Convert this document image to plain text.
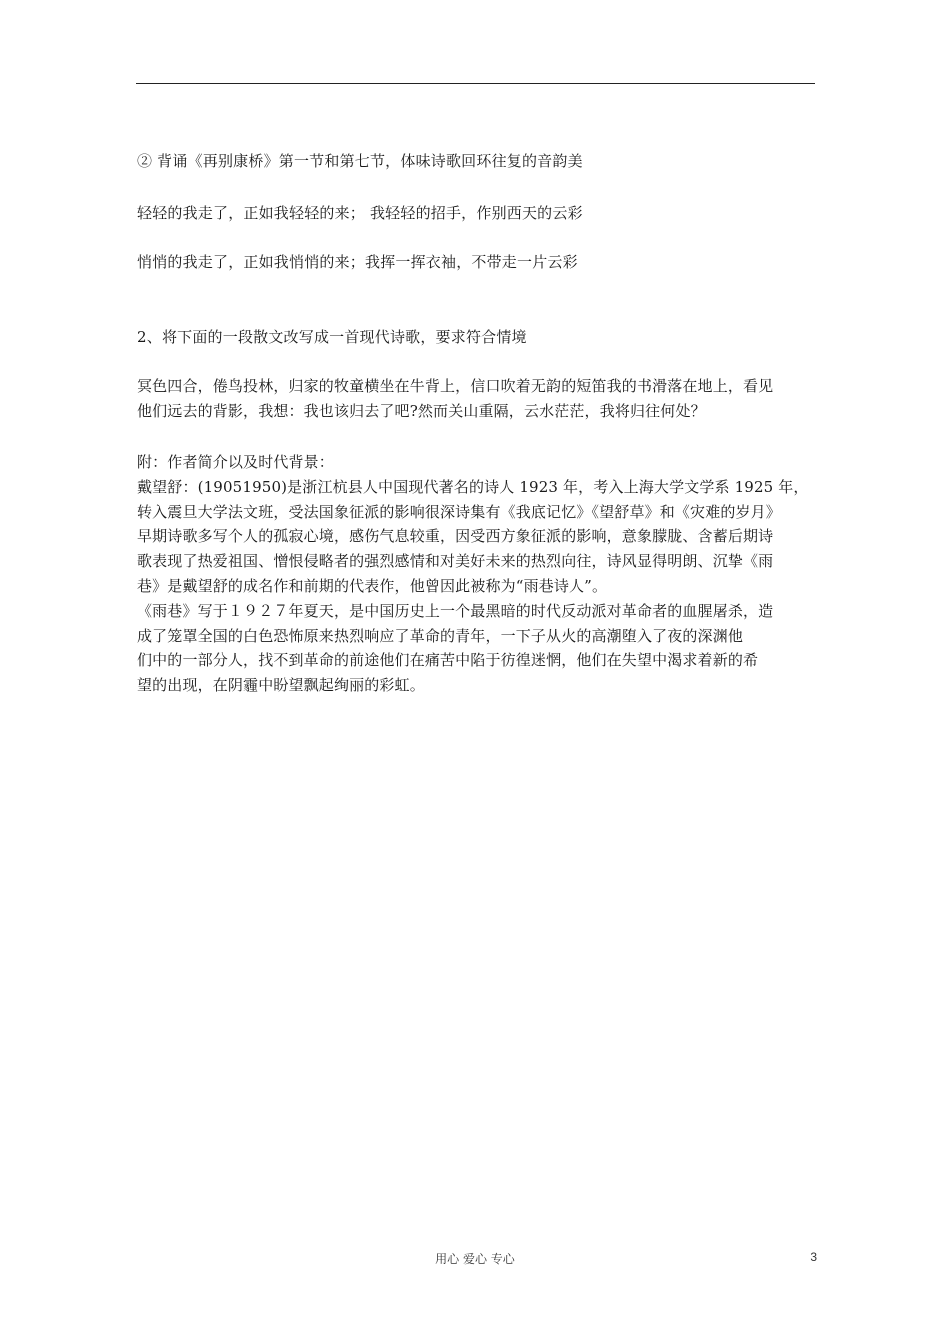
② 背诵《再别康桥》第一节和第七节，体味诗歌回环往复的音韵美
轻轻的我走了，正如我轻轻的来； 我轻轻的招手，作别西天的云彩
悄悄的我走了，正如我悄悄的来；我挥一挥衣袖，不带走一片云彩
2、将下面的一段散文改写成一首现代诗歌，要求符合情境
冥色四合，倦鸟投林，归家的牧童横坐在牛背上，信口吹着无韵的短笛我的书滑落在地上，看见
他们远去的背影，我想：我也该归去了吧?然而关山重隔，云水茫茫，我将归往何处？
附：作者简介以及时代背景：
戴望舒：(19051950)是浙江杭县人中国现代著名的诗人 1923 年，考入上海大学文学系 1925 年，
转入震旦大学法文班，受法国象征派的影响很深诗集有《我底记忆》《望舒草》和《灾难的岁月》
早期诗歌多写个人的孤寂心境，感伤气息较重，因受西方象征派的影响，意象朦胧、含蓄后期诗
歌表现了热爱祖国、憎恨侵略者的强烈感情和对美好未来的热烈向往，诗风显得明朗、沉挚《雨
巷》是戴望舒的成名作和前期的代表作，他曾因此被称为“雨巷诗人”。
《雨巷》写于１９２７年夏天，是中国历史上一个最黑暗的时代反动派对革命者的血腥屠杀，造
成了笼罩全国的白色恐怖原来热烈响应了革命的青年，一下子从火的高潮堕入了夜的深渊他
们中的一部分人，找不到革命的前途他们在痛苦中陷于彷徨迷惘，他们在失望中渴求着新的希
望的出现，在阴霾中盼望飘起绚丽的彩虹。
用心 爱心 专心	3
